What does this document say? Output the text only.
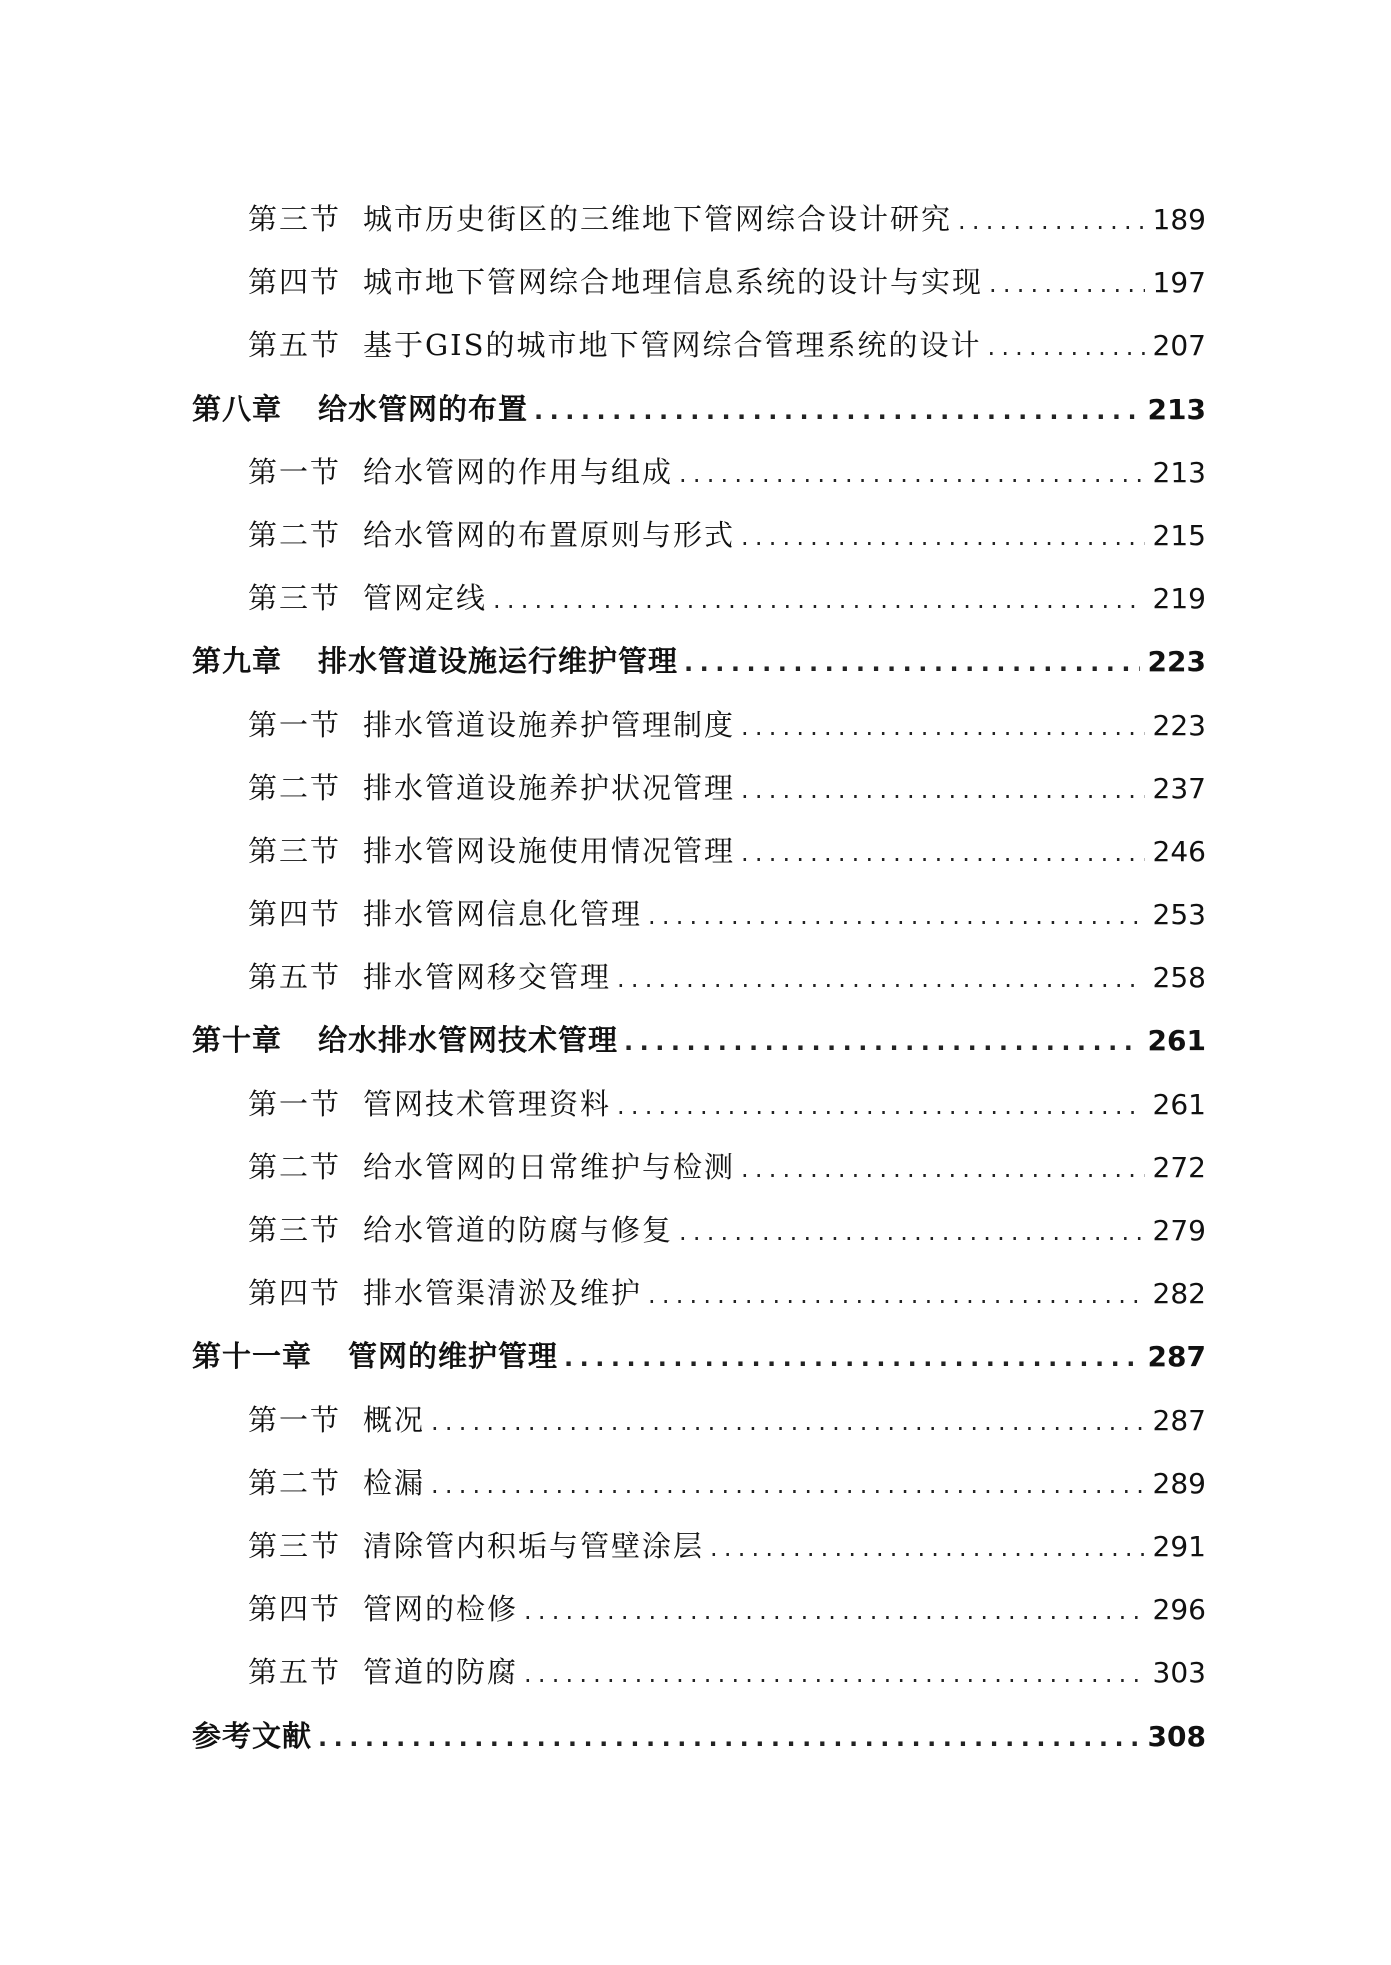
第三节 城市历史街区的三维地下管网综合设计研究 .....	189
第四节 城市地下管网综合地理信息系统的设计与实现 .....	197
第五节 基于GIS的城市地下管网综合管理系统的设计 .....	207
第八章 给水管网的布置 .....	213
第一节 给水管网的作用与组成 .....	213
第二节 给水管网的布置原则与形式 .....	215
第三节 管网定线 .....	219
第九章 排水管道设施运行维护管理 .....	223
第一节 排水管道设施养护管理制度 .....	223
第二节 排水管道设施养护状况管理 .....	237
第三节 排水管网设施使用情况管理 .....	246
第四节 排水管网信息化管理 .....	253
第五节 排水管网移交管理 .....	258
第十章 给水排水管网技术管理 .....	261
第一节 管网技术管理资料 .....	261
第二节 给水管网的日常维护与检测 .....	272
第三节 给水管道的防腐与修复 .....	279
第四节 排水管渠清淤及维护 .....	282
第十一章 管网的维护管理 .....	287
第一节 概况 .....	287
第二节 检漏 .....	289
第三节 清除管内积垢与管壁涂层 .....	291
第四节 管网的检修 .....	296
第五节 管道的防腐 .....	303
参考文献 .....	308
